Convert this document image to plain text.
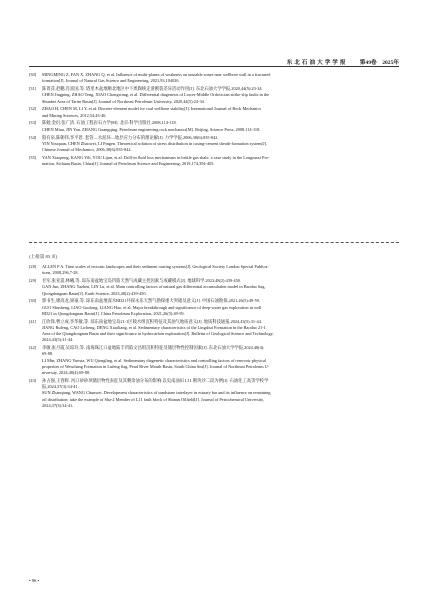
东 北 石 油 大 学 学 报	第49卷 2025年
[30]	MINGMING Z, FAN X, ZHANG Q, et al. Influence of multi-planes of weakness on unstable zones near wellbore wall in a fractured
formation[J]. Journal of Natural Gas Science and Engineering, 2021,93,104026.
[31]	陈菁萍,赵鹏,肖富国,等. 塔里木盆地顺北地区中下奥陶统走滑断裂差异活动作用[J]. 东北石油大学学报,2020,44(5):23-34.
CHEN Jingping, ZHAO Teng, XIAO Chongwang, et al. Differential diagenesis of Lower-Middle Ordovician strike-slip faults in the
Shunbei Area of Tarim Basin[J]. Journal of Northeast Petroleum University, 2020,44(5):23-34.
[32]	ZHAO H, CHEN M, LI Y, et al. Discrete element model for coal wellbore stability[J]. International Journal of Rock Mechanics
and Mining Sciences, 2012,54,43-46.
[33]	陈勉,金衍,张广清. 石油工程岩石力学[M]. 北京:科学出版社,2008,114-118.
CHEN Mian, JIN Yan, ZHANG Guangqing. Petroleum engineering rock mechanics[M]. Beijing, Science Press, 2008,114-118.
[34]	殷有泉,陈朝伟,李平恩. 套管—水泥环—地层应力分布的理论解[J]. 力学学报,2006,38(6):835-842.
YIN Youquan, CHEN Zhaowei, LI Pingen. Theoretical solution of stress distribution in casing-cement sheath-formation system[J].
Chinese Journal of Mechanics, 2006,38(6):835-842.
[35]	YAN Xiaopeng, KANG Yili, YOU Lijun, et al. Drill-in fluid loss mechanisms in brittle gas shale: a case study in the Longmaxi For-
mation, Sichuan Basin, China[J]. Journal of Petroleum Science and Engineering, 2019,174,394-405.
(上接第 83 页)
[28]	ALLEN P A. Time scales of tectonic landscapes and their sediment routing systems[J]. Geological Society London Special Publica-
tions, 2008,296,7-28.
[29]	甘军,张亚震,林曦,等. 琼东南盆地宝岛凹陷天然气成藏主控因素与成藏模式[J]. 地球科学,2023,48(2):439-450.
GAN Jun, ZHANG Yazhen, LIN Lu, et al. Main controlling factors of natural gas differential accumulation model in Baodao Sag,
Qiongdongnan Basin[J]. Earth Science, 2023,48(2):439-450.
[30]	郭书生,廖高龙,梁豪,等. 琼东南盆地深水BD21井探永乐天然气勘探重大突破及意义[J]. 中国石油勘探,2021,26(5):49-59.
GUO Shusheng, LIAO Gaolong, LIANG Hao, et al. Major breakthrough and significance of deep-water gas exploration in well
BD21 in Qiongdongnan Basin[J]. China Petroleum Exploration, 2021,26(5):49-59.
[41]	江欣锋,曹立成,李华敏,等. 琼东南盆地宝岛21-1区陵水组沉积特征及其油气地质意义[J]. 地质科技通报,2024,43(5):31-44.
JIANG Rufeng, CAO Licheng, DENG Xiaoliang, et al. Sedimentary characteristics of the Lingshui Formation in the Baodao 21-1
Area of the Qiongdongnan Basin and their significance in hydrocarbon exploration[J]. Bulletin of Geological Science and Technology,
2024,43(5):31-44.
[42]	李敏,张月霞,吴琼玲,等. 南海珠江口盆地陆丰凹陷文昌组沉积特征及储层物性控制因素[J]. 东北石油大学学报,2024,48(4):
69-88.
LI Min, ZHANG Yuexia, WU Qiongling, et al. Sedimentary diagenetic characteristics and controlling factors of reservoir physical
properties of Wenchang Formation in Lufeng Sag, Pearl River Mouth Basin, South China Sea[J]. Journal of Northeast Petroleum U-
niversity, 2024,48(4):69-88.
[43]	孙占强,王春辉. 河口砂砂坝储层物性表征及其剩余油分布的影响:以史南油田 L11 断块沙二段为例[J]. 石油化工高等学校学
报,2024,37(3):34-41.
SUN Zhanqiang, WANG Chunwei. Development characteristics of sandstone interlayer in estuary bar and its influence on remaining
oil distribution: take the example of Sha-2 Member of L11 fault block of Shinan Oilfield[J]. Journal of Petrochemical University,
2024,37(3):34-41.
• 96 •
